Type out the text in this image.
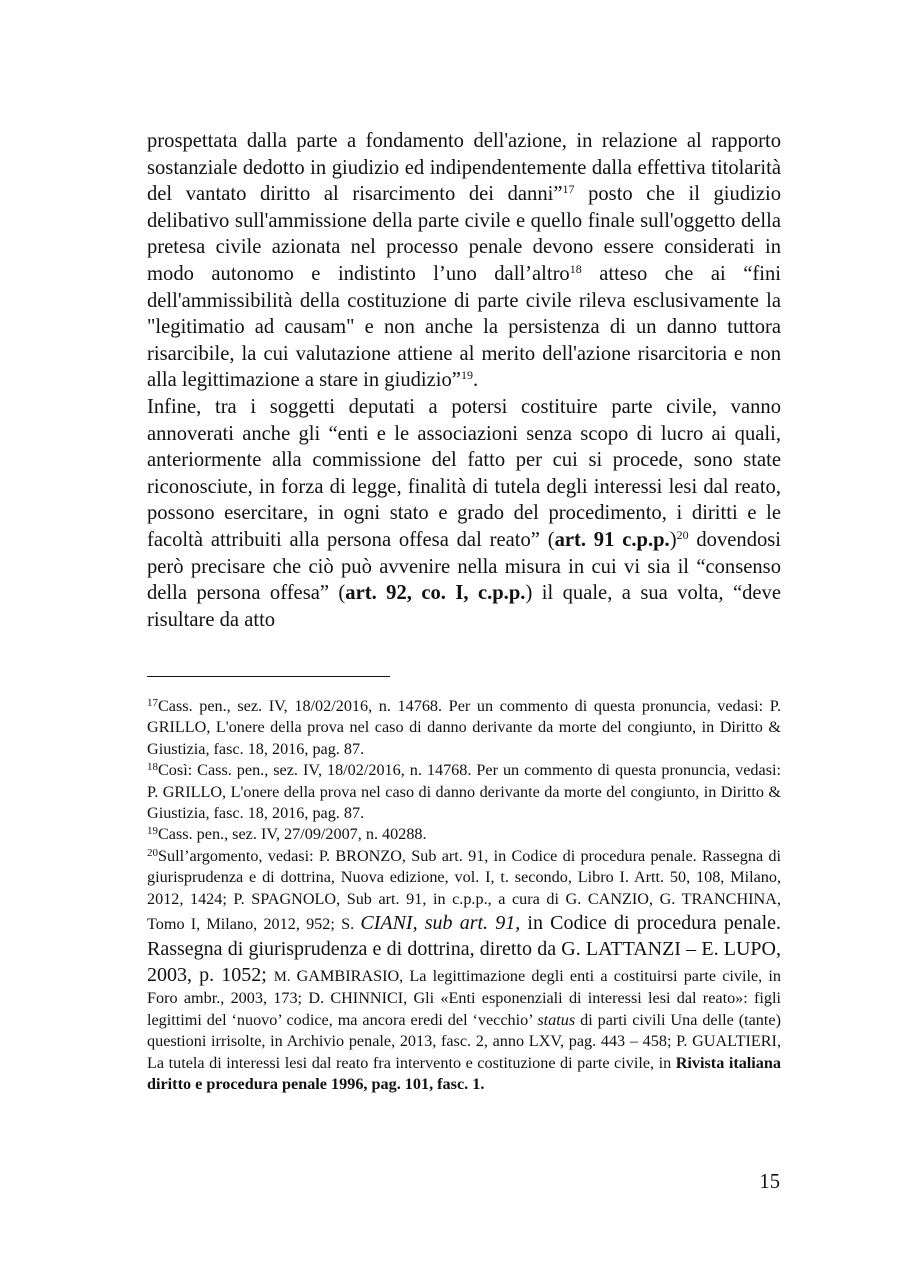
prospettata dalla parte a fondamento dell'azione, in relazione al rapporto sostanziale dedotto in giudizio ed indipendentemente dalla effettiva titolarità del vantato diritto al risarcimento dei danni”$^{17}$ posto che il giudizio delibativo sull'ammissione della parte civile e quello finale sull'oggetto della pretesa civile azionata nel processo penale devono essere considerati in modo autonomo e indistinto l’uno dall’altro$^{18}$ atteso che ai “fini dell'ammissibilità della costituzione di parte civile rileva esclusivamente la "legitimatio ad causam" e non anche la persistenza di un danno tuttora risarcibile, la cui valutazione attiene al merito dell'azione risarcitoria e non alla legittimazione a stare in giudizio”$^{19}$.

Infine, tra i soggetti deputati a potersi costituire parte civile, vanno annoverati anche gli “enti e le associazioni senza scopo di lucro ai quali, anteriormente alla commissione del fatto per cui si procede, sono state riconosciute, in forza di legge, finalità di tutela degli interessi lesi dal reato, possono esercitare, in ogni stato e grado del procedimento, i diritti e le facoltà attribuiti alla persona offesa dal reato” (art. 91 c.p.p.)$^{20}$ dovendosi però precisare che ciò può avvenire nella misura in cui vi sia il “consenso della persona offesa” (art. 92, co. I, c.p.p.) il quale, a sua volta, “deve risultare da atto

$^{17}$Cass. pen., sez. IV, 18/02/2016, n. 14768. Per un commento di questa pronuncia, vedasi: P. GRILLO, L'onere della prova nel caso di danno derivante da morte del congiunto, in Diritto & Giustizia, fasc. 18, 2016, pag. 87.

$^{18}$Così: Cass. pen., sez. IV, 18/02/2016, n. 14768. Per un commento di questa pronuncia, vedasi: P. GRILLO, L'onere della prova nel caso di danno derivante da morte del congiunto, in Diritto & Giustizia, fasc. 18, 2016, pag. 87.

$^{19}$Cass. pen., sez. IV, 27/09/2007, n. 40288.

$^{20}$Sull’argomento, vedasi: P. BRONZO, Sub art. 91, in Codice di procedura penale. Rassegna di giurisprudenza e di dottrina, Nuova edizione, vol. I, t. secondo, Libro I. Artt. 50, 108, Milano, 2012, 1424; P. SPAGNOLO, Sub art. 91, in c.p.p., a cura di G. CANZIO, G. TRANCHINA, Tomo I, Milano, 2012, 952; S. CIANI, sub art. 91, in Codice di procedura penale. Rassegna di giurisprudenza e di dottrina, diretto da G. LATTANZI – E. LUPO, 2003, p. 1052; M. GAMBIRASIO, La legittimazione degli enti a costituirsi parte civile, in Foro ambr., 2003, 173; D. CHINNICI, Gli «Enti esponenziali di interessi lesi dal reato»: figli legittimi del ‘nuovo’ codice, ma ancora eredi del ‘vecchio’ status di parti civili Una delle (tante) questioni irrisolte, in Archivio penale, 2013, fasc. 2, anno LXV, pag. 443 – 458; P. GUALTIERI, La tutela di interessi lesi dal reato fra intervento e costituzione di parte civile, in Rivista italiana diritto e procedura penale 1996, pag. 101, fasc. 1.

15
